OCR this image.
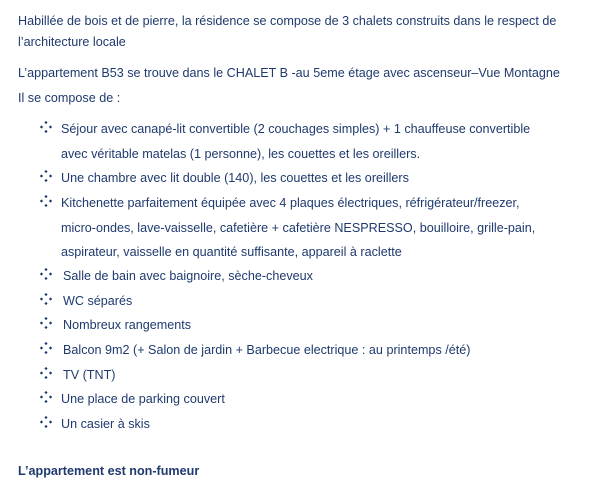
Habillée de bois et de pierre, la résidence se compose de 3 chalets construits dans le respect de l’architecture locale

L’appartement B53 se trouve dans le CHALET B -au 5eme étage avec ascenseur–Vue Montagne

Il se compose de :

Séjour avec canapé-lit convertible (2 couchages simples) + 1 chauffeuse convertible avec véritable matelas (1 personne), les couettes et les oreillers.

Une chambre avec lit double (140), les couettes et les oreillers

Kitchenette parfaitement équipée avec 4 plaques électriques, réfrigérateur/freezer, micro-ondes, lave-vaisselle, cafetière + cafetière NESPRESSO, bouilloire, grille-pain, aspirateur, vaisselle en quantité suffisante, appareil à raclette

Salle de bain avec baignoire, sèche-cheveux

WC séparés

Nombreux rangements

Balcon 9m2 (+ Salon de jardin + Barbecue electrique : au printemps /été)

TV (TNT)

Une place de parking couvert

Un casier à skis

L’appartement est non-fumeur
